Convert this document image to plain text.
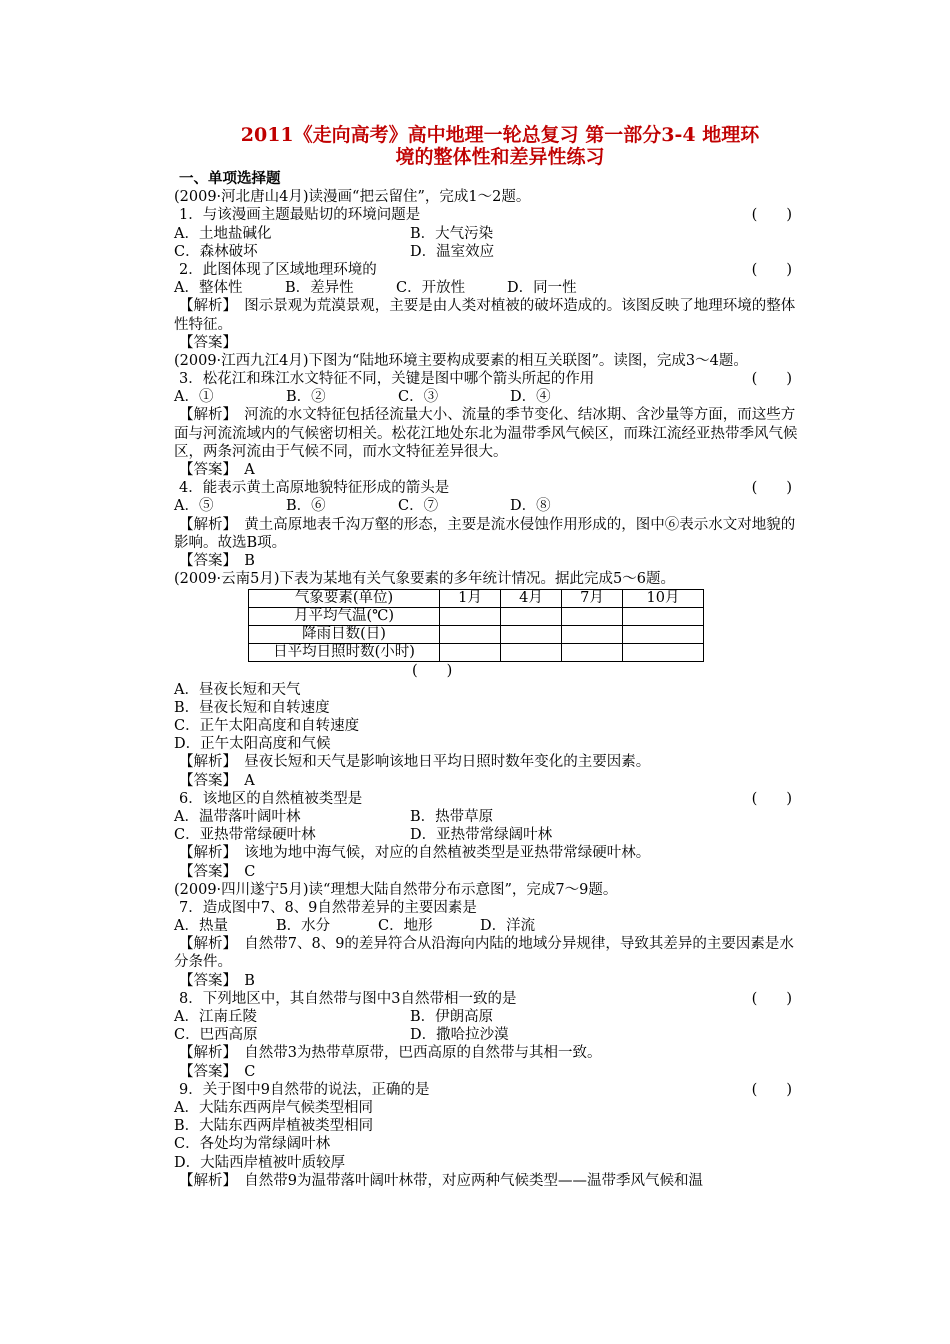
2011《走向高考》高中地理一轮总复习 第一部分3-4 地理环
境的整体性和差异性练习
一、单项选择题
(2009·河北唐山4月)读漫画“把云留住”，完成1～2题。
1．与该漫画主题最贴切的环境问题是	(　　)
A．土地盐碱化	B．大气污染
C．森林破坏	D．温室效应
2．此图体现了区域地理环境的	(　　)
A．整体性	B．差异性	C．开放性	D．同一性
【解析】　 图示景观为荒漠景观，主要是由人类对植被的破坏造成的。该图反映了地理环境的整体性特征。
【答案】
(2009·江西九江4月)下图为“陆地环境主要构成要素的相互关联图”。读图，完成3～4题。
3．松花江和珠江水文特征不同，关键是图中哪个箭头所起的作用	(　　)
A．①	B．②	C．③	D．④
【解析】　 河流的水文特征包括径流量大小、流量的季节变化、结冰期、含沙量等方面，而这些方面与河流流域内的气候密切相关。松花江地处东北为温带季风气候区，而珠江流经亚热带季风气候区，两条河流由于气候不同，而水文特征差异很大。
【答案】　 A
4．能表示黄土高原地貌特征形成的箭头是	(　　)
A．⑤	B．⑥	C．⑦	D．⑧
【解析】　 黄土高原地表千沟万壑的形态，主要是流水侵蚀作用形成的，图中⑥表示水文对地貌的影响。故选B项。
【答案】　 B
(2009·云南5月)下表为某地有关气象要素的多年统计情况。据此完成5～6题。
气象要素(单位)	1月	4月	7月	10月
月平均气温(℃)				
降雨日数(日)				
日平均日照时数(小时)				
(　　)
A．昼夜长短和天气
B．昼夜长短和自转速度
C．正午太阳高度和自转速度
D．正午太阳高度和气候
【解析】　 昼夜长短和天气是影响该地日平均日照时数年变化的主要因素。
【答案】　 A
6．该地区的自然植被类型是	(　　)
A．温带落叶阔叶林	B．热带草原
C．亚热带常绿硬叶林	D．亚热带常绿阔叶林
【解析】　 该地为地中海气候，对应的自然植被类型是亚热带常绿硬叶林。
【答案】　 C
(2009·四川遂宁5月)读“理想大陆自然带分布示意图”，完成7～9题。
7．造成图中7、8、9自然带差异的主要因素是
A．热量	B．水分	C．地形	D．洋流
【解析】　 自然带7、8、9的差异符合从沿海向内陆的地域分异规律，导致其差异的主要因素是水分条件。
【答案】　 B
8．下列地区中，其自然带与图中3自然带相一致的是	(　　)
A．江南丘陵	B．伊朗高原
C．巴西高原	D．撒哈拉沙漠
【解析】　 自然带3为热带草原带，巴西高原的自然带与其相一致。
【答案】　 C
9．关于图中9自然带的说法，正确的是	(　　)
A．大陆东西两岸气候类型相同
B．大陆东西两岸植被类型相同
C．各处均为常绿阔叶林
D．大陆西岸植被叶质较厚
【解析】　 自然带9为温带落叶阔叶林带，对应两种气候类型——温带季风气候和温
